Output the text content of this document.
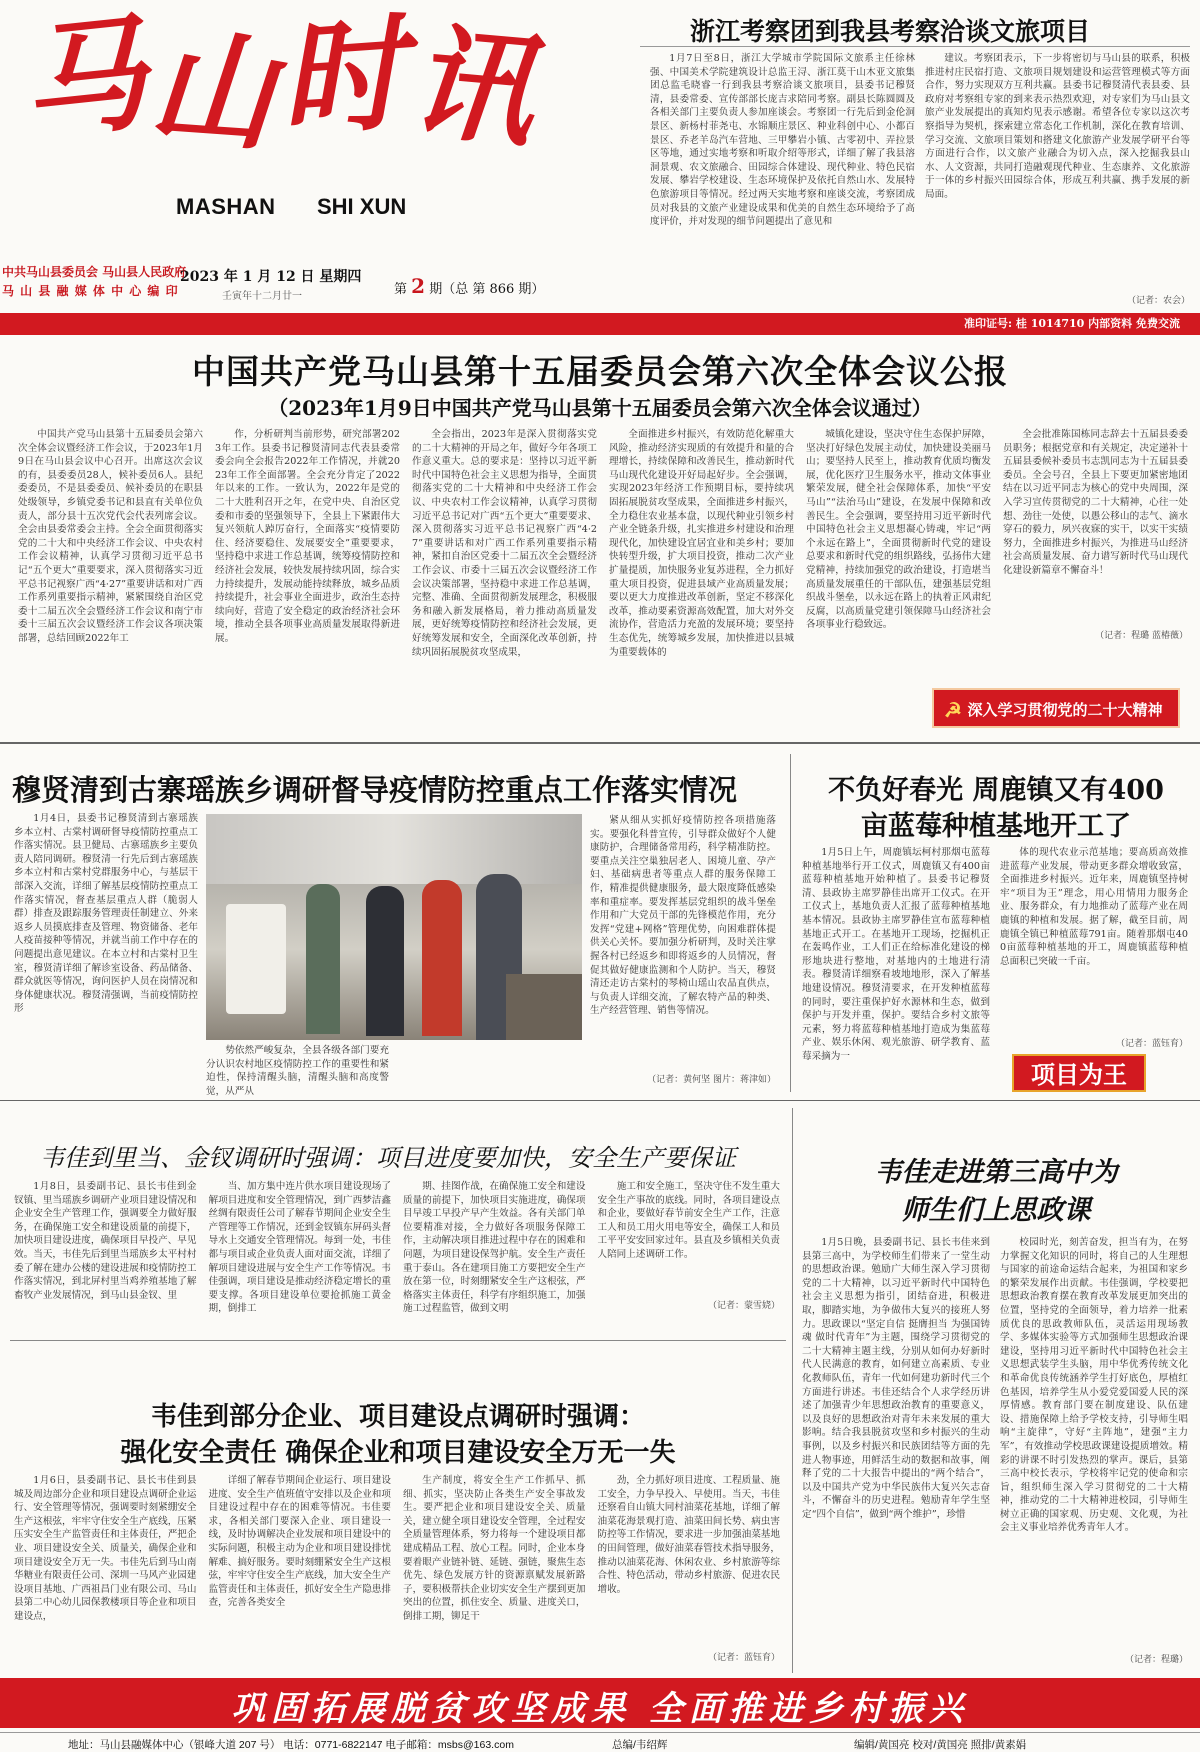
马
山
时
讯
MASHAN SHI XUN
中共马山县委员会 马山县人民政府
马 山 县 融 媒 体 中 心 编 印
2023 年 1 月 12 日 星期四
壬寅年十二月廿一	第 2 期（总 第 866 期）
浙江考察团到我县考察洽谈文旅项目
1月7日至8日，浙江大学城市学院国际文旅系主任徐林强、中国美术学院建筑设计总监王浔、浙江莫干山木亚文旅集团总监毛晓睿一行到我县考察洽谈文旅项目，县委书记穆贤清，县委常委、宣传部部长庞吉求陪同考察。副县长陈圆圆及各相关部门主要负责人参加座谈会。考察团一行先后到金伦洞景区、新杨村菲尧屯、水锦顺庄景区、种业科创中心、小都百景区、乔老羊岛汽车营地、三甲攀岩小镇、古零初中、弄拉景区等地，通过实地考察和听取介绍等形式，详细了解了我县溶洞景观、农文旅融合、田园综合体建设、现代种业、特色民宿发展、攀岩学校建设、生态环境保护及依托自然山水、发展特色旅游项目等情况。经过两天实地考察和座谈交流，考察团成员对我县的文旅产业建设成果和优美的自然生态环境给予了高度评价，并对发现的细节问题提出了意见和
建议。考察团表示，下一步将密切与马山县的联系，积极推进村庄民宿打造、文旅项目规划建设和运营管理模式等方面合作，努力实现双方互利共赢。县委书记穆贤清代表县委、县政府对考察组专家的到来表示热烈欢迎，对专家们为马山县文旅产业发展提出的真知灼见表示感谢。希望各位专家以这次考察指导为契机，探索建立常态化工作机制，深化在教育培训、学习交流、文旅项目策划和搭建文化旅游产业发展学研平台等方面进行合作，以文旅产业融合为切入点，深入挖掘我县山水、人文资源，共同打造融观现代种业、生态康养、文化旅游于一体的乡村振兴田园综合体，形成互利共赢、携手发展的新局面。
（记者：农会）
准印证号: 桂 1014710 内部资料 免费交流
中国共产党马山县第十五届委员会第六次全体会议公报
（2023年1月9日中国共产党马山县第十五届委员会第六次全体会议通过）
中国共产党马山县第十五届委员会第六次全体会议暨经济工作会议，于2023年1月9日在马山县会议中心召开。出席这次会议的有，县委委员28人，候补委员6人。县纪委委员，不是县委委员、候补委员的在职县处级领导，乡镇党委书记和县直有关单位负责人，部分县十五次党代会代表列席会议。全会由县委常委会主持。全会全面贯彻落实党的二十大和中央经济工作会议、中央农村工作会议精神，认真学习贯彻习近平总书记“五个更大”重要要求，深入贯彻落实习近平总书记视察广西“4·27”重要讲话和对广西工作系列重要指示精神，紧紧围绕自治区党委十二届五次全会暨经济工作会议和南宁市委十三届五次会议暨经济工作会议各项决策部署，总结回顾2022年工
作，分析研判当前形势，研究部署2023年工作。县委书记穆贤清同志代表县委常委会向全会报告2022年工作情况，并就2023年工作全面部署。全会充分肯定了2022年以来的工作。一致认为，2022年是党的二十大胜利召开之年，在党中央、自治区党委和市委的坚强领导下，全县上下紧跟伟大复兴领航人踔厉奋行，全面落实“疫情要防住、经济要稳住、发展要安全”重要要求，坚持稳中求进工作总基调，统筹疫情防控和经济社会发展，较快发展持续巩固，综合实力持续提升，发展动能持续释放，城乡品质持续提升，社会事业全面进步，政治生态持续向好，营造了安全稳定的政治经济社会环境，推动全县各项事业高质量发展取得新进展。
全会指出，2023年是深入贯彻落实党的二十大精神的开局之年，做好今年各项工作意义重大。总的要求是：坚持以习近平新时代中国特色社会主义思想为指导，全面贯彻落实党的二十大精神和中央经济工作会议、中央农村工作会议精神，认真学习贯彻习近平总书记对广西“五个更大”重要要求、深入贯彻落实习近平总书记视察广西“4·27”重要讲话和对广西工作系列重要指示精神，紧扣自治区党委十二届五次全会暨经济工作会议、市委十三届五次会议暨经济工作会议决策部署，坚持稳中求进工作总基调，完整、准确、全面贯彻新发展理念，积极服务和融入新发展格局，着力推动高质量发展，更好统筹疫情防控和经济社会发展，更好统筹发展和安全，全面深化改革创新，持续巩固拓展脱贫攻坚成果，
全面推进乡村振兴，有效防范化解重大风险，推动经济实现质的有效提升和量的合理增长，持续保障和改善民生，推动新时代马山现代化建设开好局起好步。全会强调，实现2023年经济工作预期目标，要持续巩固拓展脱贫攻坚成果，全面推进乡村振兴，全力稳住农业基本盘，以现代种业引领乡村产业全链条升级，扎实推进乡村建设和治理现代化，加快建设宜居宜业和美乡村；要加快转型升级，扩大项目投资，推动二次产业扩量提质，加快服务业复苏进程，全力抓好重大项目投资，促进县域产业高质量发展；要以更大力度推进改革创新，坚定不移深化改革，推动要素资源高效配置，加大对外交流协作，营造活力充盈的发展环境；要坚持生态优先，统筹城乡发展，加快推进以县城为重要载体的
城镇化建设，坚决守住生态保护屏障，坚决打好绿色发展主动仗，加快建设美丽马山；要坚持人民至上，推动教育优质均衡发展，优化医疗卫生服务水平，推动文体事业繁荣发展，健全社会保障体系，加快“平安马山”“法治马山”建设，在发展中保障和改善民生。全会强调，要坚持用习近平新时代中国特色社会主义思想凝心铸魂，牢记“两个永远在路上”，全面贯彻新时代党的建设总要求和新时代党的组织路线，弘扬伟大建党精神，持续加强党的政治建设，打造堪当高质量发展重任的干部队伍，建强基层党组织战斗堡垒，以永远在路上的执着正风肃纪反腐，以高质量党建引领保障马山经济社会各项事业行稳致远。
全会批准陈国栋同志辞去十五届县委委员职务；根据党章和有关规定，决定递补十五届县委候补委员韦志凯同志为十五届县委委员。全会号召，全县上下要更加紧密地团结在以习近平同志为核心的党中央周围，深入学习宣传贯彻党的二十大精神，心往一处想、劲往一处使，以愚公移山的志气、滴水穿石的毅力，夙兴夜寐的实干，以实干实绩努力，全面推进乡村振兴，为推进马山经济社会高质量发展、奋力谱写新时代马山现代化建设新篇章不懈奋斗！
（记者：程璐 蓝椿薇）
☭ 深入学习贯彻党的二十大精神
穆贤清到古寨瑶族乡调研督导疫情防控重点工作落实情况
1月4日，县委书记穆贤清到古寨瑶族乡本立村、古棠村调研督导疫情防控重点工作落实情况。县卫健局、古寨瑶族乡主要负责人陪同调研。穆贤清一行先后到古寨瑶族乡本立村和古棠村党群服务中心，与基层干部深入交流，详细了解基层疫情防控重点工作落实情况，督查基层重点人群（脆弱人群）排查及跟踪服务管理责任制建立、外来返乡人员摸底排查及管理、物资储备、老年人疫苗接种等情况，并就当前工作中存在的问题提出意见建议。在本立村和古棠村卫生室，穆贤清详细了解诊室设备、药品储备、群众就医等情况，询问医护人员在岗情况和身体健康状况。穆贤清强调，当前疫情防控形
势依然严峻复杂，全县各级各部门要充分认识农村地区疫情防控工作的重要性和紧迫性，保持清醒头脑，清醒头脑和高度警觉，从严从
紧从细从实抓好疫情防控各项措施落实。要强化科普宣传，引导群众做好个人健康防护，合理储备常用药，科学精准防控。要重点关注空巢独居老人、困境儿童、孕产妇、基础病患者等重点人群的服务保障工作，精准提供健康服务，最大限度降低感染率和重症率。要发挥基层党组织的战斗堡垒作用和广大党员干部的先锋模范作用，充分发挥“党建+网格”管理优势，向困难群体提供关心关怀。要加强分析研判，及时关注掌握各村已经返乡和即将返乡的人员情况，督促其做好健康监测和个人防护。当天，穆贤清还走访古棠村的琴椅山瑶山农品直供点，与负责人详细交流，了解农特产品的种类、生产经营管理、销售等情况。
（记者：黄何坚 图片：蒋津如）
不负好春光 周鹿镇又有400
亩蓝莓种植基地开工了
1月5日上午，周鹿镇坛柯村那烟屯蓝莓种植基地举行开工仪式，周鹿镇又有400亩蓝莓种植基地开始种植了。县委书记穆贤清、县政协主席罗静佳出席开工仪式。在开工仪式上，基地负责人汇报了蓝莓种植基地基本情况。县政协主席罗静佳宣布蓝莓种植基地正式开工。在基地开工现场，挖掘机正在轰鸣作业，工人们正在给标准化建设的梯形地块进行整地，对基地内的土地进行清表。穆贤清详细察看坡地地形，深入了解基地建设情况。穆贤清要求，在开发种植蓝莓的同时，要注重保护好水源林和生态，做到保护与开发并重，保护。要结合乡村文旅等元素，努力将蓝莓种植基地打造成为集蓝莓产业、娱乐休闲、观光旅游、研学教育、蓝莓采摘为一
体的现代农业示范基地；要高质高效推进蓝莓产业发展，带动更多群众增收致富，全面推进乡村振兴。近年来，周鹿镇坚持树牢“项目为王”理念，用心用情用力服务企业、服务群众，有力地推动了蓝莓产业在周鹿镇的种植和发展。据了解，截至目前，周鹿镇全镇已种植蓝莓791亩。随着那烟屯400亩蓝莓种植基地的开工，周鹿镇蓝莓种植总面积已突破一千亩。
（记者：蓝钰育）
项目为王
韦佳到里当、金钗调研时强调：项目进度要加快，安全生产要保证
1月8日，县委副书记、县长韦佳到金钗镇、里当瑶族乡调研产业项目建设情况和企业安全生产管理工作，强调要全力做好服务，在确保施工安全和建设质量的前提下，加快项目建设进度，确保项目早投产、早见效。当天，韦佳先后到里当瑶族乡太平村村委了解在建办公楼的建设进展和疫情防控工作落实情况，到北屏村里当鸡养殖基地了解畜牧产业发展情况，到马山县金钗、里
当、加方集中连片供水项目建设现场了解项目进度和安全管理情况，到广西梦洁鑫丝绸有限责任公司了解春节期间企业安全生产管理等工作情况，还到金钗镇东屏码头督导水上交通安全管理情况。每到一处，韦佳都与项目或企业负责人面对面交流，详细了解项目建设进展与安全生产工作等情况。韦佳强调，项目建设是推动经济稳定增长的重要支撑。各项目建设单位要抢抓施工黄金期，倒排工
期、挂图作战，在确保施工安全和建设质量的前提下，加快项目实施进度，确保项目早竣工早投产早产生效益。各有关部门单位要精准对接，全力做好各项服务保障工作，主动解决项目推进过程中存在的困难和问题，为项目建设保驾护航。安全生产责任重于泰山。各在建项目施工方要把安全生产放在第一位，时刻绷紧安全生产这根弦，严格落实主体责任，科学有序组织施工，加强施工过程监管，做到文明
施工和安全施工，坚决守住不发生重大安全生产事故的底线。同时，各项目建设点和企业，要做好春节前安全生产工作，注意工人和员工用火用电等安全，确保工人和员工平平安安回家过年。县直及乡镇相关负责人陪同上述调研工作。
（记者：蒙雪娆）
韦佳走进第三高中为
师生们上思政课
1月5日晚，县委副书记、县长韦佳来到县第三高中，为学校师生们带来了一堂生动的思想政治课。勉励广大师生深入学习贯彻党的二十大精神，以习近平新时代中国特色社会主义思想为指引，团结奋进，积极进取，脚踏实地，为争做伟大复兴的接班人努力。思政课以“坚定自信 挺膺担当 为强国铸魂 做时代青年”为主题，围绕学习贯彻党的二十大精神主题主线，分别从如何办好新时代人民满意的教育，如何建立高素质、专业化教师队伍，青年一代如何建功新时代三个方面进行讲述。韦佳还结合个人求学经历讲述了加强青少年思想政治教育的重要意义，以及良好的思想政治对青年未来发展的重大影响。结合我县脱贫攻坚和乡村振兴的生动事例，以及乡村振兴和民族团结等方面的先进人物事迹，用鲜活生动的数据和故事，阐释了党的二十大报告中提出的“两个结合”，以及中国共产党为中华民族伟大复兴矢志奋斗，不懈奋斗的历史进程。勉励青年学生坚定“四个自信”，做到“两个维护”，珍惜
校园时光，刻苦奋发，担当有为，在努力掌握文化知识的同时，将自己的人生理想与国家的前途命运结合起来，为祖国和家乡的繁荣发展作出贡献。韦佳强调，学校要把思想政治教育摆在教育改革发展更加突出的位置，坚持党的全面领导，着力培养一批素质优良的思政教师队伍，灵活运用现场教学、多媒体实验等方式加强师生思想政治课建设，坚持用习近平新时代中国特色社会主义思想武装学生头脑，用中华优秀传统文化和革命优良传统涵养学生打好底色，厚植红色基因，培养学生从小爱党爱国爱人民的深厚情感。教育部门要在制度建设、队伍建设、措施保障上给予学校支持，引导师生唱响“主旋律”，守好“主阵地”，建强“主力军”，有效推动学校思政课建设提质增效。精彩的讲课不时引发热烈的掌声。课后，县第三高中校长表示，学校将牢记党的使命和宗旨，组织师生深入学习贯彻党的二十大精神，推动党的二十大精神进校园，引导师生树立正确的国家观、历史观、文化观，为社会主义事业培养优秀青年人才。
（记者：程璐）
韦佳到部分企业、项目建设点调研时强调：
强化安全责任 确保企业和项目建设安全万无一失
1月6日，县委副书记、县长韦佳到县城及周边部分企业和项目建设点调研企业运行、安全管理等情况，强调要时刻紧绷安全生产这根弦，牢牢守住安全生产底线，压紧压实安全生产监管责任和主体责任，严把企业、项目建设安全关、质量关，确保企业和项目建设安全万无一失。韦佳先后到马山南华糖业有限责任公司、深圳一马风产业园建设项目基地、广西祖昌门业有限公司、马山县第二中心幼儿园保教楼项目等企业和项目建设点，
详细了解春节期间企业运行、项目建设进度、安全生产值班值守安排以及企业和项目建设过程中存在的困难等情况。韦佳要求，各相关部门要深入企业、项目建设一线，及时协调解决企业发展和项目建设中的实际问题，积极主动为企业和项目建设排忧解难、搞好服务。要时刻绷紧安全生产这根弦，牢牢守住安全生产底线，加大安全生产监管责任和主体责任，抓好安全生产隐患排查，完善各类安全
生产制度，将安全生产工作抓早、抓细、抓实，坚决防止各类生产安全事故发生。要严把企业和项目建设安全关、质量关，建立健全项目建设安全管理，全过程安全质量管理体系，努力将每一个建设项目都建成精品工程、放心工程。同时，企业本身要着眼产业链补链、延链、强链，聚焦生态优先、绿色发展方针的资源禀赋发展新路子，要积极帮扶企业切实安全生产摆到更加突出的位置，抓住安全、质量、进度关口，倒排工期，铆足干
劲，全力抓好项目进度、工程质量、施工安全，力争早投入、早使用。当天，韦佳还察看自山镇大同村油菜花基地，详细了解油菜花海景观打造、油菜田间长势、病虫害防控等工作情况，要求进一步加强油菜基地的田间管理，做好油菜春管技术指导服务，推动以油菜花海、休闲农业、乡村旅游等综合性、特色活动，带动乡村旅游、促进农民增收。
（记者：蓝钰育）
巩固拓展脱贫攻坚成果 全面推进乡村振兴
地址：马山县融媒体中心（银峰大道 207 号） 电话：0771-6822147 电子邮箱：msbs@163.com	总编/韦绍辉	编辑/黄国亮 校对/黄国亮 照排/黄素娟
